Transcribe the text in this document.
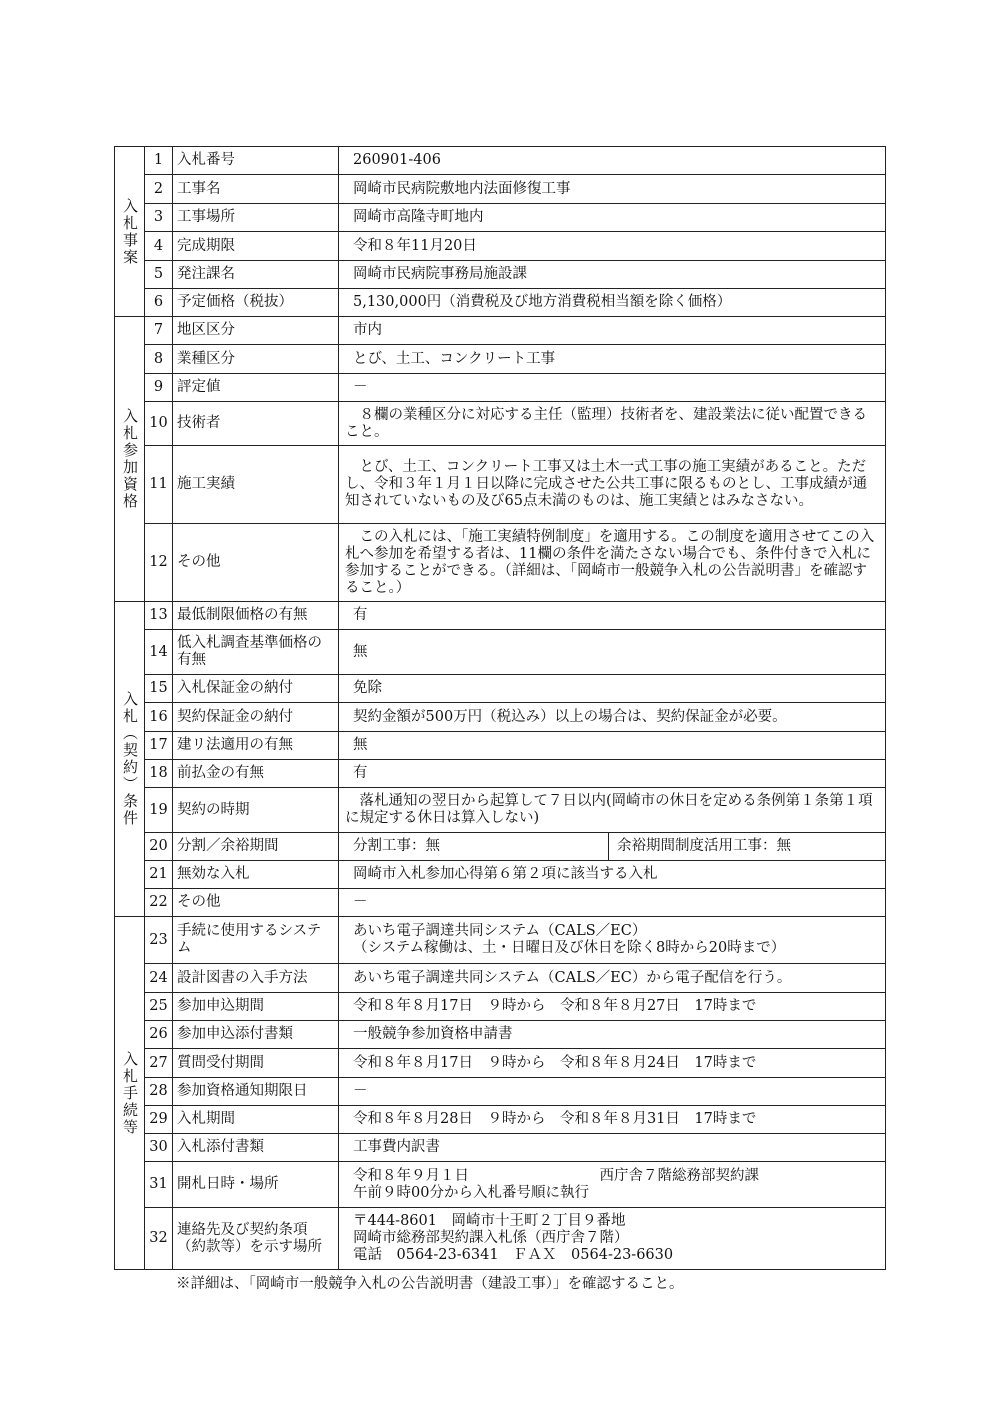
入札事案	1	入札番号	260901-406	
	2	工事名	岡崎市民病院敷地内法面修復工事	
	3	工事場所	岡崎市高隆寺町地内	
	4	完成期限	令和８年11月20日	
	5	発注課名	岡崎市民病院事務局施設課	
	6	予定価格（税抜）	5,130,000円（消費税及び地方消費税相当額を除く価格）	

入札参加資格	7	地区区分	市内	
	8	業種区分	とび、土工、コンクリート工事	
	9	評定値	－	
	10	技術者	　８欄の業種区分に対応する主任（監理）技術者を、建設業法に従い配置できること。	
	11	施工実績	　とび、土工、コンクリート工事又は土木一式工事の施工実績があること。ただし、令和３年１月１日以降に完成させた公共工事に限るものとし、工事成績が通知されていないもの及び65点未満のものは、施工実績とはみなさない。	
	12	その他	　この入札には、「施工実績特例制度」を適用する。この制度を適用させてこの入札へ参加を希望する者は、11欄の条件を満たさない場合でも、条件付きで入札に参加することができる。（詳細は、「岡崎市一般競争入札の公告説明書」を確認すること。）	

入札（契約）条件	13	最低制限価格の有無	有	
	14	低入札調査基準価格の有無	無	
	15	入札保証金の納付	免除	
	16	契約保証金の納付	契約金額が500万円（税込み）以上の場合は、契約保証金が必要。	
	17	建リ法適用の有無	無	
	18	前払金の有無	有	
	19	契約の時期	　落札通知の翌日から起算して７日以内(岡崎市の休日を定める条例第１条第１項に規定する休日は算入しない)	
	20	分割／余裕期間	分割工事：無	余裕期間制度活用工事：無
	21	無効な入札	岡崎市入札参加心得第６第２項に該当する入札	
	22	その他	－	

入札手続等	23	手続に使用するシステム	あいち電子調達共同システム（CALS／EC）
（システム稼働は、土・日曜日及び休日を除く8時から20時まで）	
	24	設計図書の入手方法	あいち電子調達共同システム（CALS／EC）から電子配信を行う。	
	25	参加申込期間	令和８年８月17日　９時から　令和８年８月27日　17時まで	
	26	参加申込添付書類	一般競争参加資格申請書	
	27	質問受付期間	令和８年８月17日　９時から　令和８年８月24日　17時まで	
	28	参加資格通知期限日	－	
	29	入札期間	令和８年８月28日　９時から　令和８年８月31日　17時まで	
	30	入札添付書類	工事費内訳書	
	31	開札日時・場所	令和８年９月１日　　　　　　　　　西庁舎７階総務部契約課
午前９時00分から入札番号順に執行	
	32	連絡先及び契約条項（約款等）を示す場所	〒444-8601　岡崎市十王町２丁目９番地
岡崎市総務部契約課入札係（西庁舎７階）
電話　0564-23-6341　ＦＡＸ　0564-23-6630	
※詳細は、「岡崎市一般競争入札の公告説明書（建設工事）」を確認すること。
